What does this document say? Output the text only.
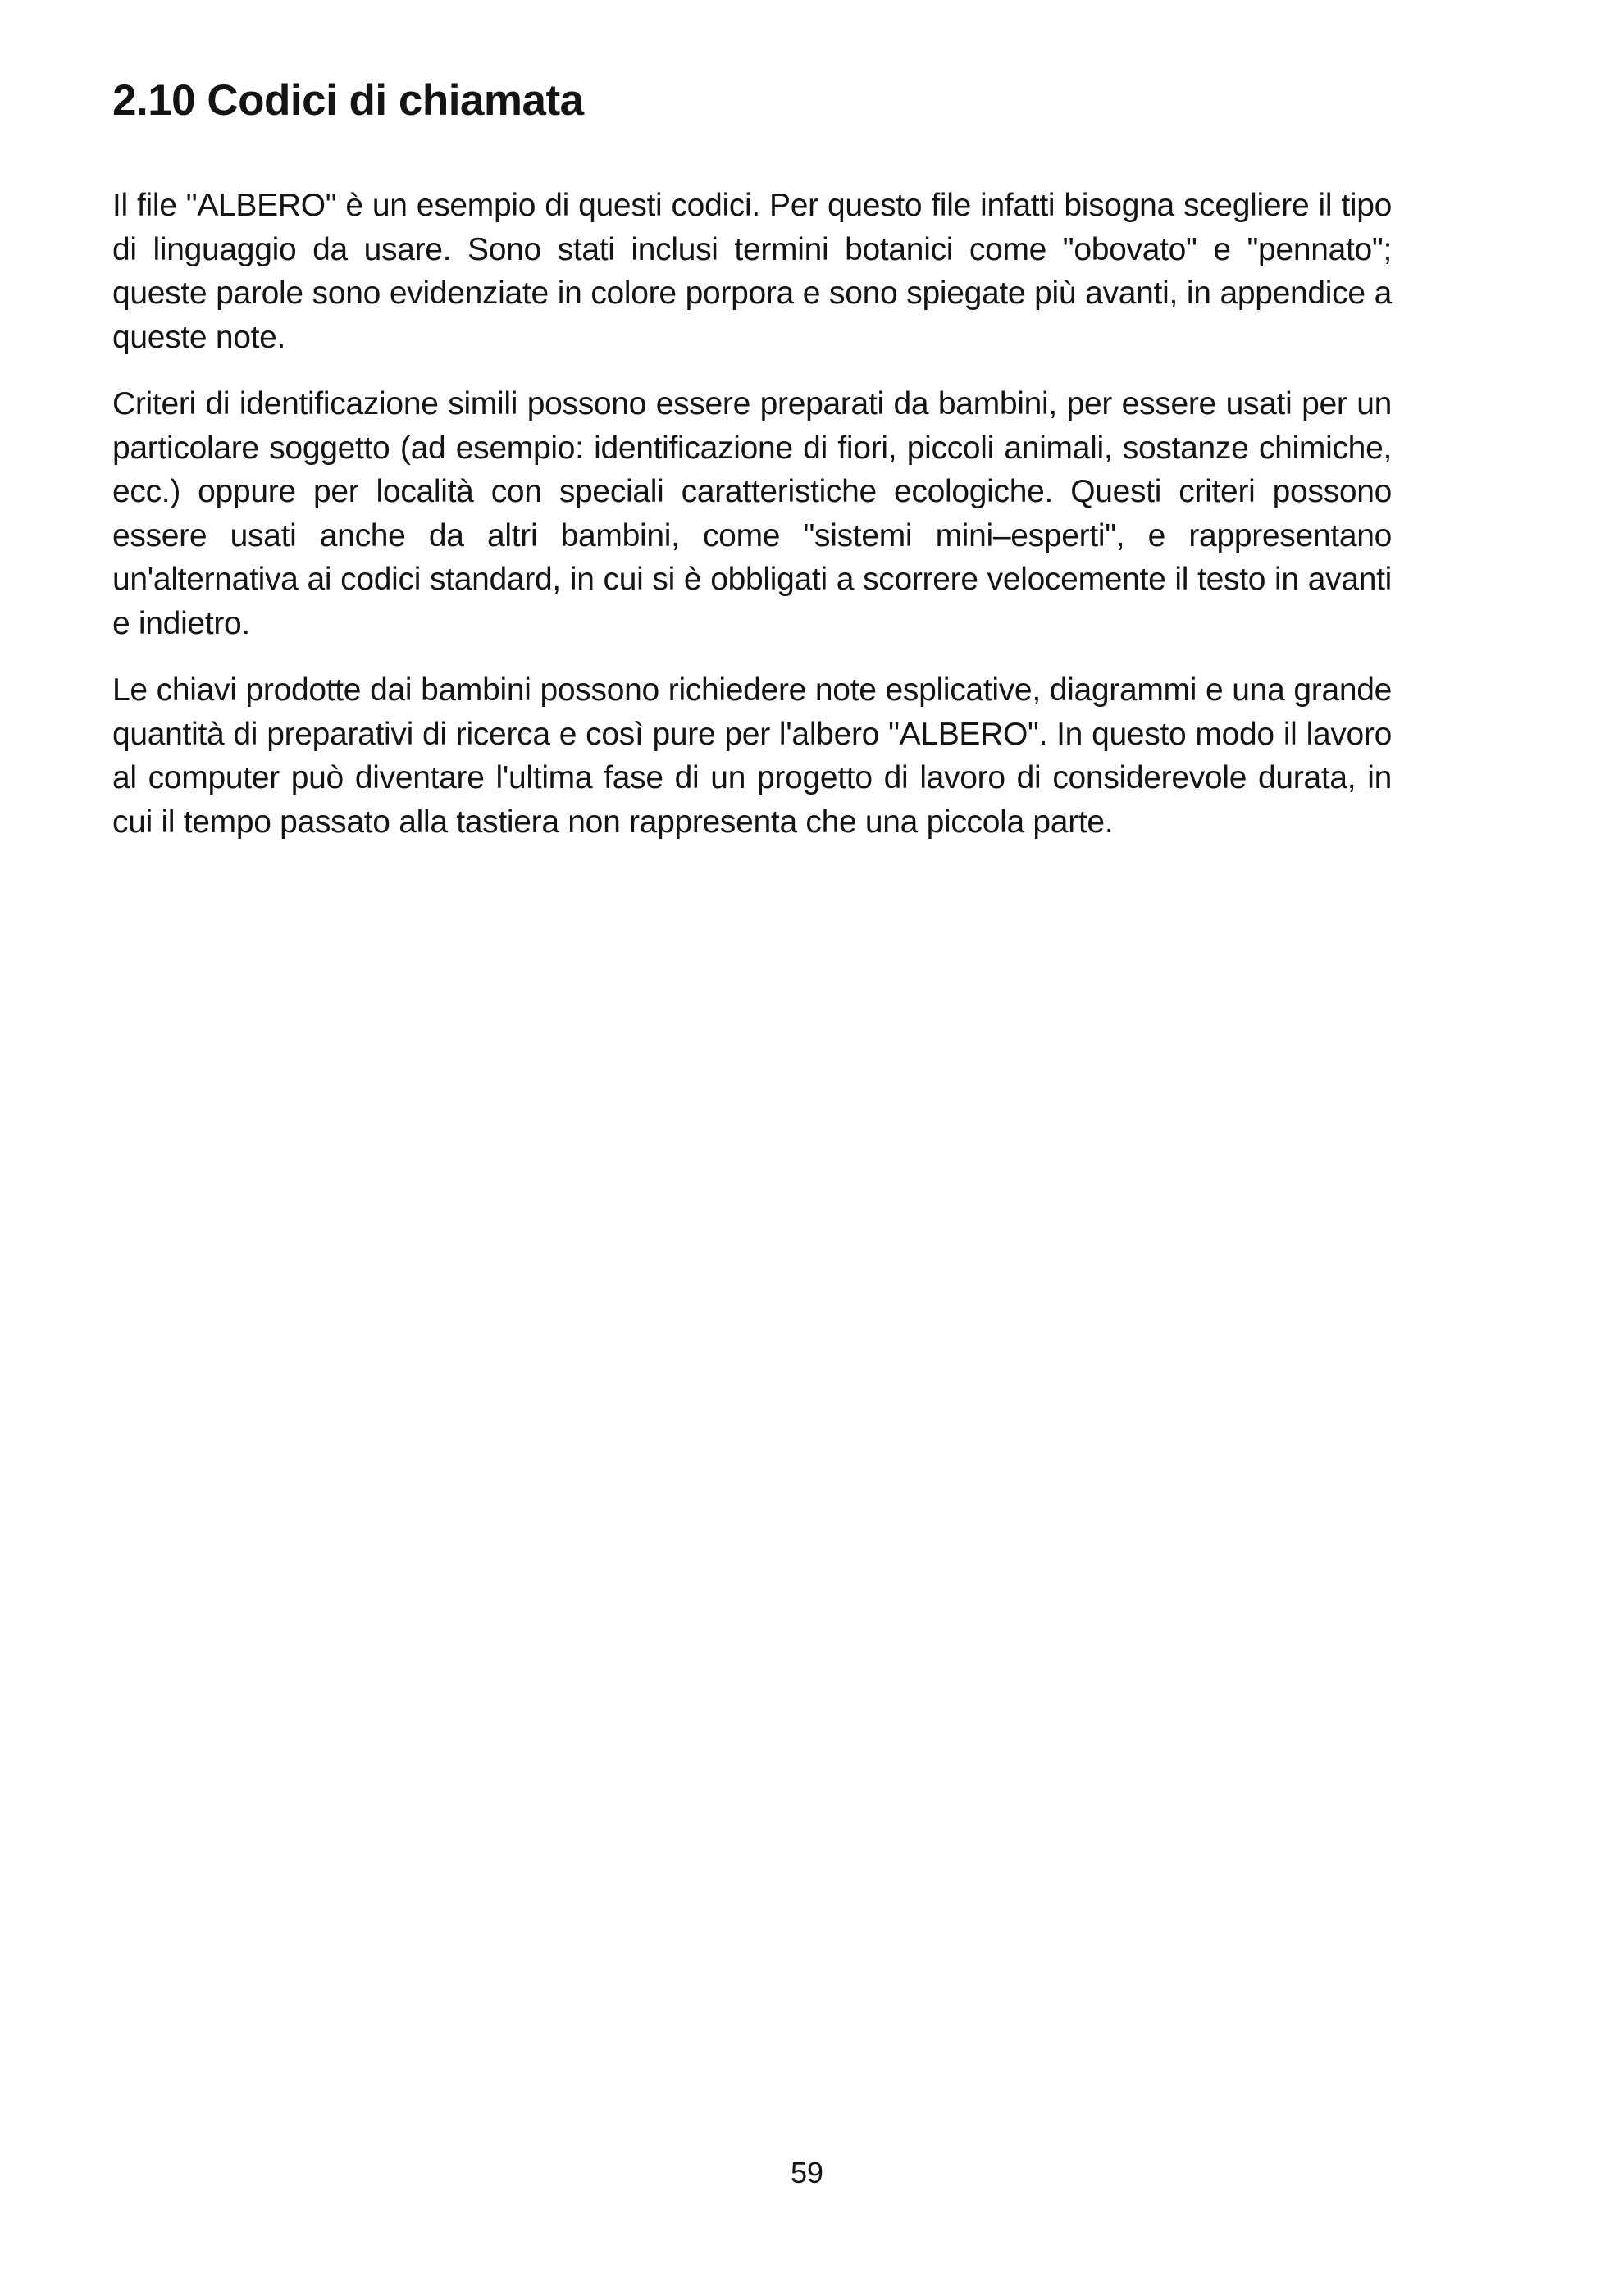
2.10 Codici di chiamata

Il file "ALBERO" è un esempio di questi codici. Per questo file infatti bisogna scegliere il tipo di linguaggio da usare. Sono stati inclusi termini botanici come "obovato" e "pennato"; queste parole sono evidenziate in colore porpora e sono spiegate più avanti, in appendice a queste note.

Criteri di identificazione simili possono essere preparati da bambini, per essere usati per un particolare soggetto (ad esempio: identificazione di fiori, piccoli animali, sostanze chimiche, ecc.) oppure per località con speciali caratteristiche ecologiche. Questi criteri possono essere usati anche da altri bambini, come "sistemi mini–esperti", e rappresentano un'alternativa ai codici standard, in cui si è obbligati a scorrere velocemente il testo in avanti e indietro.

Le chiavi prodotte dai bambini possono richiedere note esplicative, diagrammi e una grande quantità di preparativi di ricerca e così pure per l'albero "ALBERO". In questo modo il lavoro al computer può diventare l'ultima fase di un progetto di lavoro di considerevole durata, in cui il tempo passato alla tastiera non rappresenta che una piccola parte.

59
